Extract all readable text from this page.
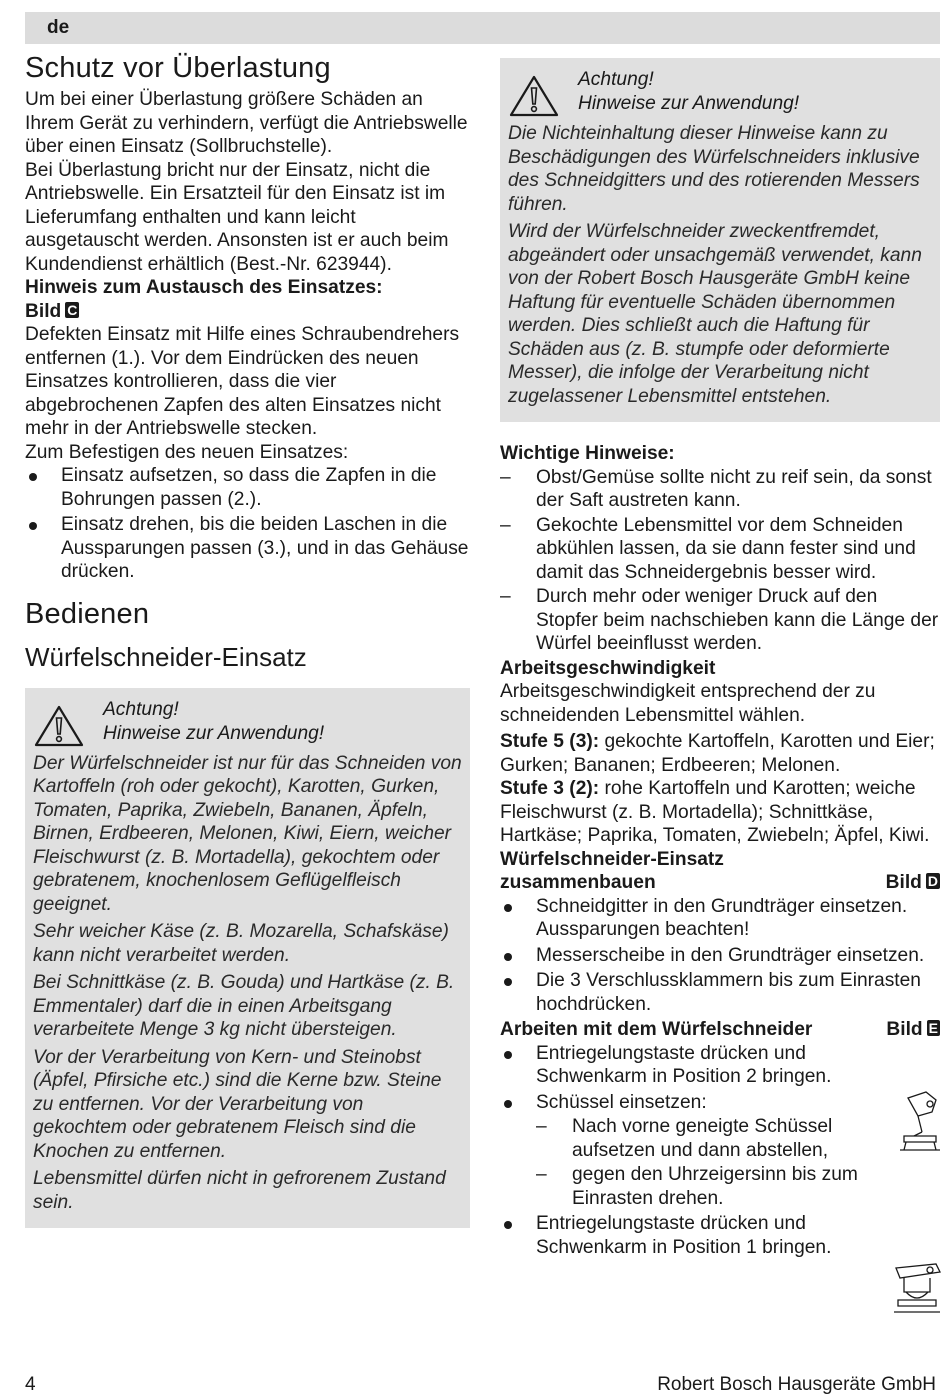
de
Schutz vor Überlastung

Um bei einer Überlastung größere Schäden an Ihrem Gerät zu verhindern, verfügt die Antriebswelle über einen Einsatz (Sollbruchstelle).

Bei Überlastung bricht nur der Einsatz, nicht die Antriebswelle. Ein Ersatzteil für den Einsatz ist im Lieferumfang enthalten und kann leicht ausgetauscht werden. Ansonsten ist er auch beim Kundendienst erhältlich (Best.-Nr. 623944).

Hinweis zum Austausch des Einsatzes:
Bild C

Defekten Einsatz mit Hilfe eines Schraubendrehers entfernen (1.). Vor dem Eindrücken des neuen Einsatzes kontrollieren, dass die vier abgebrochenen Zapfen des alten Einsatzes nicht mehr in der Antriebswelle stecken.

Zum Befestigen des neuen Einsatzes:

Einsatz aufsetzen, so dass die Zapfen in die Bohrungen passen (2.).
Einsatz drehen, bis die beiden Laschen in die Aussparungen passen (3.), und in das Gehäuse drücken.
Bedienen
Würfelschneider-Einsatz
Achtung!
Hinweise zur Anwendung!

Der Würfelschneider ist nur für das Schneiden von Kartoffeln (roh oder gekocht), Karotten, Gurken, Tomaten, Paprika, Zwiebeln, Bananen, Äpfeln, Birnen, Erdbeeren, Melonen, Kiwi, Eiern, weicher Fleischwurst (z. B. Mortadella), gekochtem oder gebratenem, knochenlosem Geflügelfleisch geeignet.

Sehr weicher Käse (z. B. Mozarella, Schafskäse) kann nicht verarbeitet werden.

Bei Schnittkäse (z. B. Gouda) und Hartkäse (z. B. Emmentaler) darf die in einen Arbeitsgang verarbeitete Menge 3 kg nicht übersteigen.

Vor der Verarbeitung von Kern- und Steinobst (Äpfel, Pfirsiche etc.) sind die Kerne bzw. Steine zu entfernen. Vor der Verarbeitung von gekochtem oder gebratenem Fleisch sind die Knochen zu entfernen.

Lebensmittel dürfen nicht in gefrorenem Zustand sein.

Achtung!
Hinweise zur Anwendung!

Die Nichteinhaltung dieser Hinweise kann zu Beschädigungen des Würfelschneiders inklusive des Schneidgitters und des rotierenden Messers führen.

Wird der Würfelschneider zweckentfremdet, abgeändert oder unsachgemäß verwendet, kann von der Robert Bosch Hausgeräte GmbH keine Haftung für eventuelle Schäden übernommen werden. Dies schließt auch die Haftung für Schäden aus (z. B. stumpfe oder deformierte Messer), die infolge der Verarbeitung nicht zugelassener Lebensmittel entstehen.

Wichtige Hinweise:
– Obst/Gemüse sollte nicht zu reif sein, da sonst der Saft austreten kann.
– Gekochte Lebensmittel vor dem Schneiden abkühlen lassen, da sie dann fester sind und damit das Schneidergebnis besser wird.
– Durch mehr oder weniger Druck auf den Stopfer beim nachschieben kann die Länge der Würfel beeinflusst werden.
Arbeitsgeschwindigkeit

Arbeitsgeschwindigkeit entsprechend der zu schneidenden Lebensmittel wählen.

Stufe 5 (3): gekochte Kartoffeln, Karotten und Eier; Gurken; Bananen; Erdbeeren; Melonen.

Stufe 3 (2): rohe Kartoffeln und Karotten; weiche Fleischwurst (z. B. Mortadella); Schnittkäse, Hartkäse; Paprika, Tomaten, Zwiebeln; Äpfel, Kiwi.

Würfelschneider-Einsatz
zusammenbauen	Bild D
Schneidgitter in den Grundträger einsetzen. Aussparungen beachten!
Messerscheibe in den Grundträger einsetzen.
Die 3 Verschlussklammern bis zum Einrasten hochdrücken.
Arbeiten mit dem Würfelschneider	Bild E
Entriegelungstaste drücken und Schwenkarm in Position 2 bringen.
Schüssel einsetzen:
– Nach vorne geneigte Schüssel aufsetzen und dann abstellen,
– gegen den Uhrzeigersinn bis zum Einrasten drehen.
Entriegelungstaste drücken und Schwenkarm in Position 1 bringen.
4	Robert Bosch Hausgeräte GmbH
